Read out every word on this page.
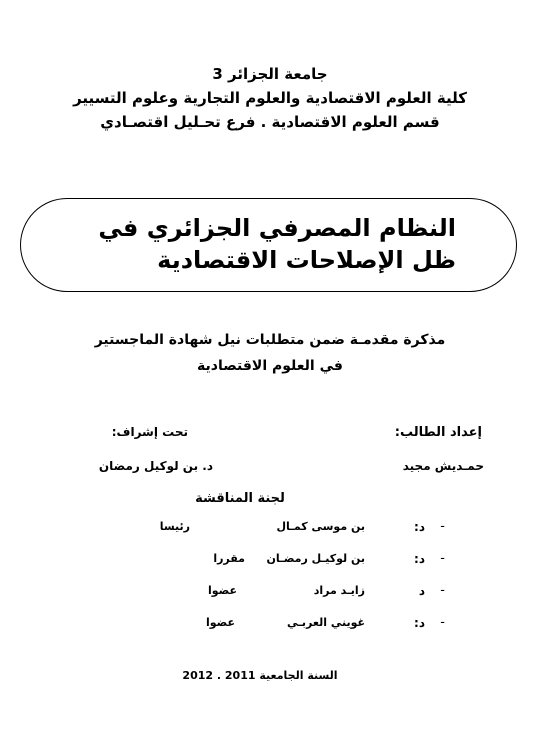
جامعة الجزائر 3
كلية العلوم الاقتصادية والعلوم التجارية وعلوم التسيير
قسم العلوم الاقتصادية . فرع تحـليل اقتصـادي
النظام المصرفي الجزائري في ظل الإصلاحات الاقتصادية
مذكرة مقدمـة ضمن متطلبات نيل شهادة الماجستير
في العلوم الاقتصادية
إعداد الطالب:
حمـديش مجيد
تحت إشراف:
د. بن لوكيل رمضان
لجنة المناقشة
-
د:
بن موسى كمـال
رئيسا
-
د:
بن لوكيـل رمضـان
مقررا
-
د
زايـد مراد
عضوا
-
د:
غويني العربـي
عضوا
السنة الجامعية 2011 . 2012
